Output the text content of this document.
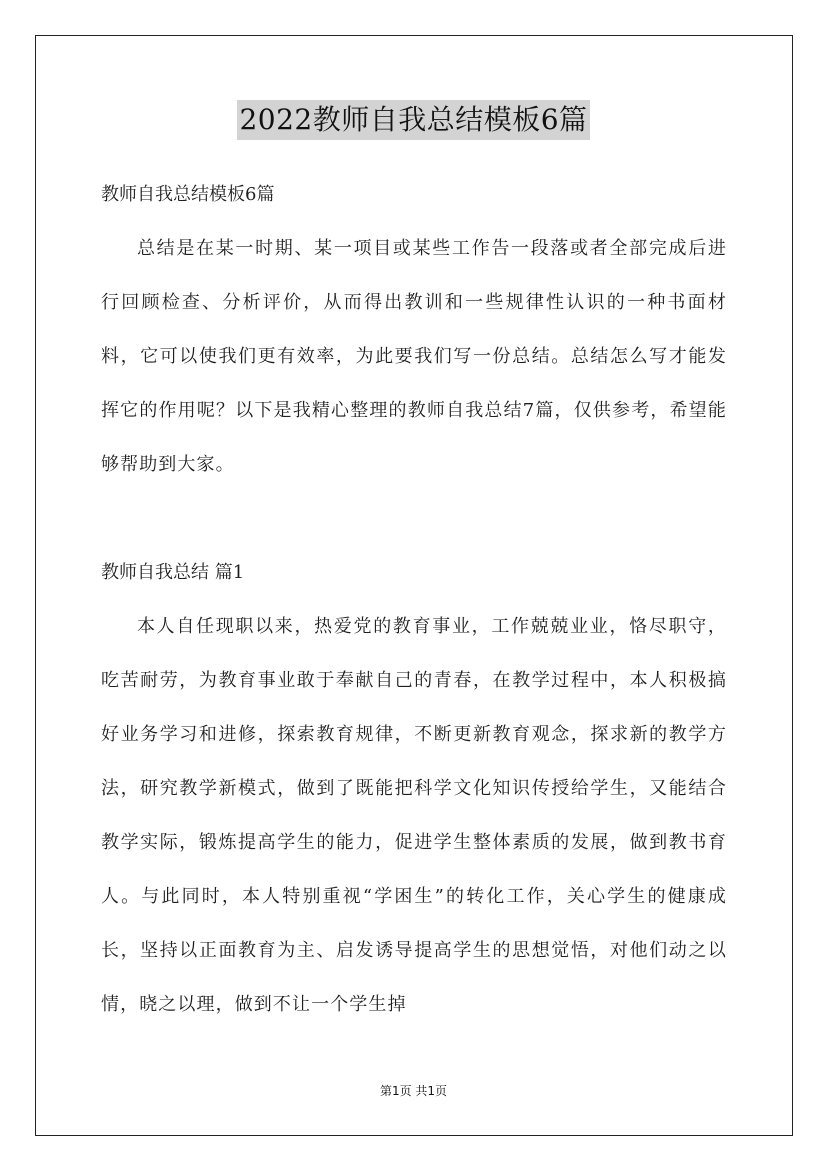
2022教师自我总结模板6篇

教师自我总结模板6篇

总结是在某一时期、某一项目或某些工作告一段落或者全部完成后进行回顾检查、分析评价，从而得出教训和一些规律性认识的一种书面材料，它可以使我们更有效率，为此要我们写一份总结。总结怎么写才能发挥它的作用呢？以下是我精心整理的教师自我总结7篇，仅供参考，希望能够帮助到大家。

教师自我总结 篇1

本人自任现职以来，热爱党的教育事业，工作兢兢业业，恪尽职守，吃苦耐劳，为教育事业敢于奉献自己的青春，在教学过程中，本人积极搞好业务学习和进修，探索教育规律，不断更新教育观念，探求新的教学方法，研究教学新模式，做到了既能把科学文化知识传授给学生，又能结合教学实际，锻炼提高学生的能力，促进学生整体素质的发展，做到教书育人。与此同时，本人特别重视“学困生”的转化工作，关心学生的健康成长，坚持以正面教育为主、启发诱导提高学生的思想觉悟，对他们动之以情，晓之以理，做到不让一个学生掉

第1页 共1页
